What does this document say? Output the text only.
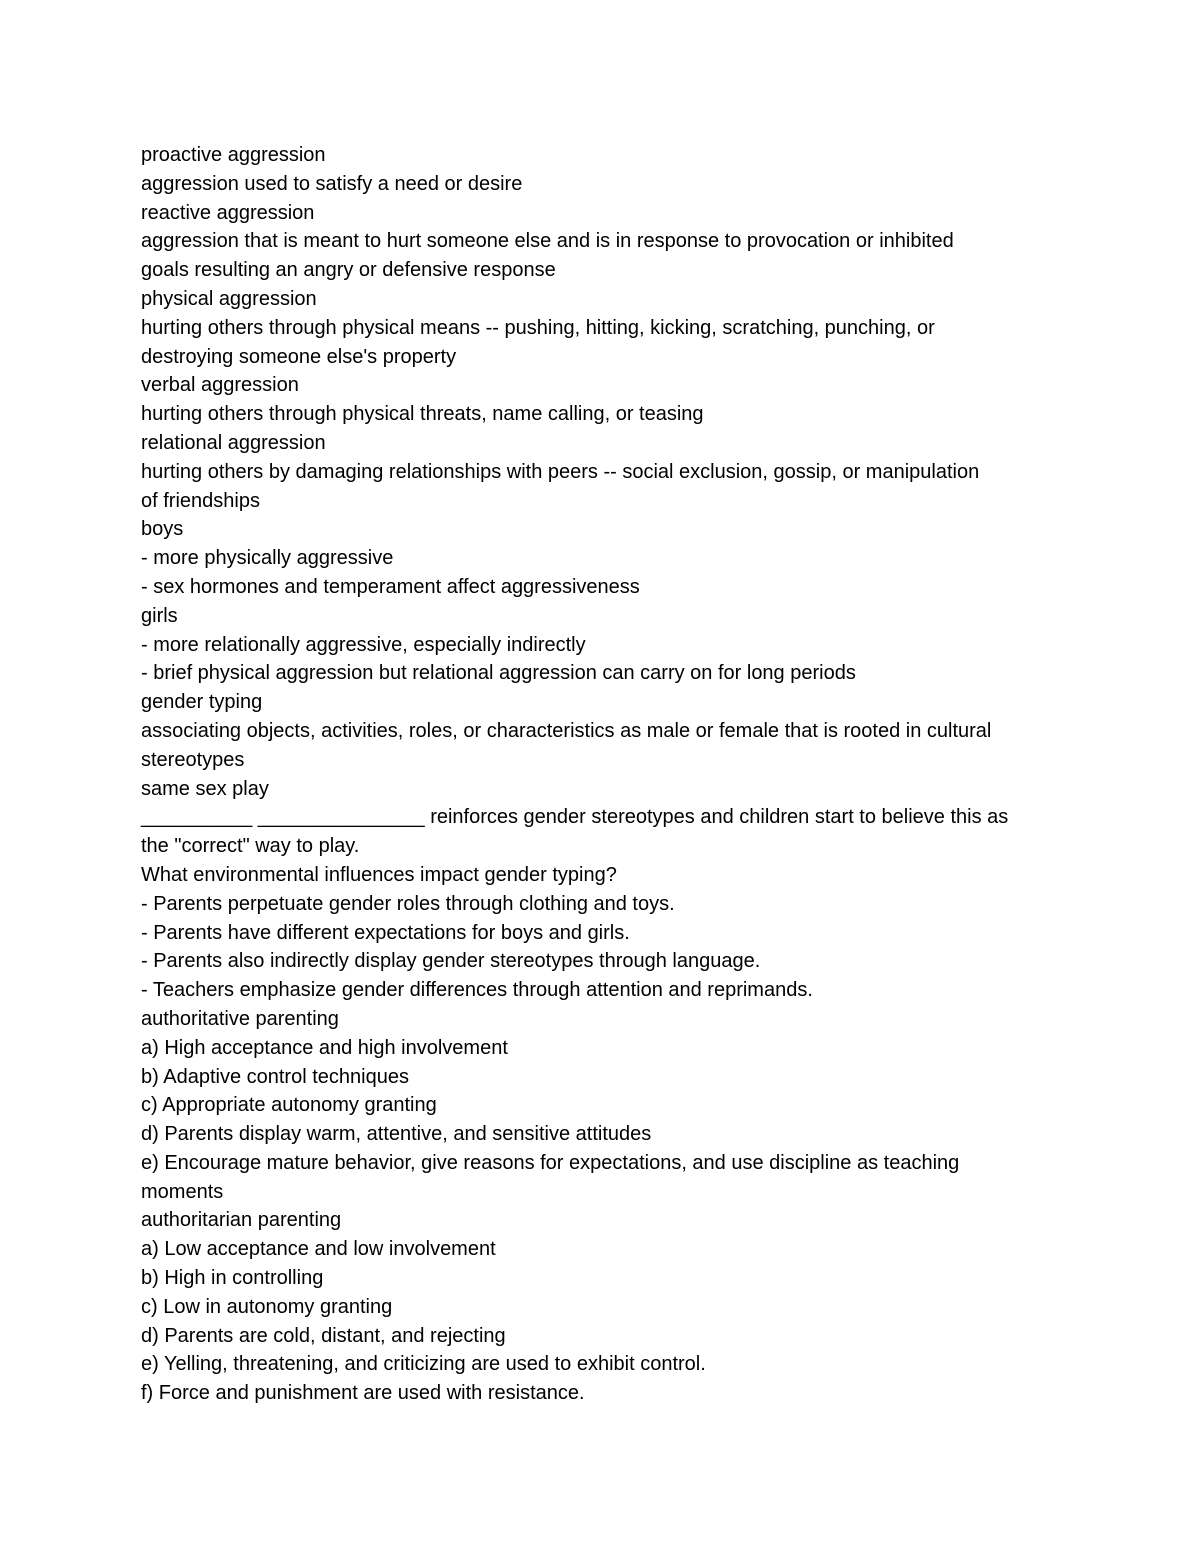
proactive aggression
aggression used to satisfy a need or desire
reactive aggression
aggression that is meant to hurt someone else and is in response to provocation or inhibited
goals resulting an angry or defensive response
physical aggression
hurting others through physical means -- pushing, hitting, kicking, scratching, punching, or
destroying someone else's property
verbal aggression
hurting others through physical threats, name calling, or teasing
relational aggression
hurting others by damaging relationships with peers -- social exclusion, gossip, or manipulation
of friendships
boys
- more physically aggressive
- sex hormones and temperament affect aggressiveness
girls
- more relationally aggressive, especially indirectly
- brief physical aggression but relational aggression can carry on for long periods
gender typing
associating objects, activities, roles, or characteristics as male or female that is rooted in cultural
stereotypes
same sex play
__________ _______________ reinforces gender stereotypes and children start to believe this as
the "correct" way to play.
What environmental influences impact gender typing?
- Parents perpetuate gender roles through clothing and toys.
- Parents have different expectations for boys and girls.
- Parents also indirectly display gender stereotypes through language.
- Teachers emphasize gender differences through attention and reprimands.
authoritative parenting
a) High acceptance and high involvement
b) Adaptive control techniques
c) Appropriate autonomy granting
d) Parents display warm, attentive, and sensitive attitudes
e) Encourage mature behavior, give reasons for expectations, and use discipline as teaching
moments
authoritarian parenting
a) Low acceptance and low involvement
b) High in controlling
c) Low in autonomy granting
d) Parents are cold, distant, and rejecting
e) Yelling, threatening, and criticizing are used to exhibit control.
f) Force and punishment are used with resistance.
